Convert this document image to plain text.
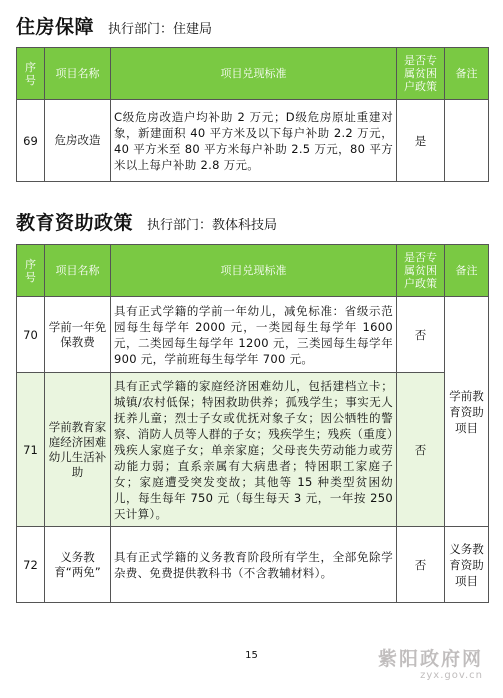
住房保障 执行部门：住建局
序号	项目名称	项目兑现标准	是否专属贫困户政策	备注
69	危房改造	C级危房改造户均补助 2 万元；D级危房原址重建对象，新建面积 40 平方米及以下每户补助 2.2 万元，40 平方米至 80 平方米每户补助 2.5 万元，80 平方米以上每户补助 2.8 万元。	是	
教育资助政策 执行部门：教体科技局
序号	项目名称	项目兑现标准	是否专属贫困户政策	备注
70	学前一年免保教费	具有正式学籍的学前一年幼儿，减免标准：省级示范园每生每学年 2000 元，一类园每生每学年 1600 元，二类园每生每学年 1200 元，三类园每生每学年 900 元，学前班每生每学年 700 元。	否	学前教育资助项目
71	学前教育家庭经济困难幼儿生活补助	具有正式学籍的家庭经济困难幼儿，包括建档立卡；城镇/农村低保；特困救助供养；孤残学生；事实无人抚养儿童；烈士子女或优抚对象子女；因公牺牲的警察、消防人员等人群的子女；残疾学生；残疾（重度）残疾人家庭子女；单亲家庭；父母丧失劳动能力或劳动能力弱；直系亲属有大病患者；特困职工家庭子女；家庭遭受突发变故；其他等 15 种类型贫困幼儿，每生每年 750 元（每生每天 3 元，一年按 250 天计算）。	否	
72	义务教育“两免”	具有正式学籍的义务教育阶段所有学生，全部免除学杂费、免费提供教科书（不含教辅材料）。	否	义务教育资助项目
15	紫阳政府网
zyx.gov.cn
